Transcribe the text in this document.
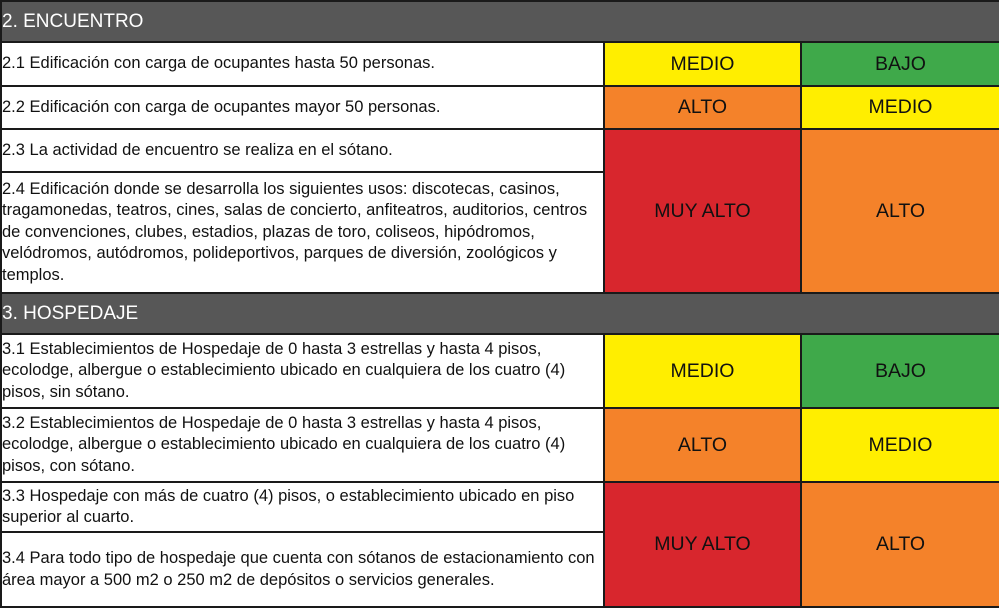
2. ENCUENTRO		
2.1 Edificación con carga de ocupantes hasta 50 personas.	MEDIO	BAJO
2.2 Edificación con carga de ocupantes mayor 50 personas.	ALTO	MEDIO
2.3 La actividad de encuentro se realiza en el sótano.	MUY ALTO	ALTO
2.4 Edificación donde se desarrolla los siguientes usos: discotecas, casinos, tragamonedas, teatros, cines, salas de concierto, anfiteatros, auditorios, centros de convenciones, clubes, estadios, plazas de toro, coliseos, hipódromos, velódromos, autódromos, polideportivos, parques de diversión, zoológicos y templos.		
3. HOSPEDAJE		
3.1 Establecimientos de Hospedaje de 0 hasta 3 estrellas y hasta 4 pisos, ecolodge, albergue o establecimiento ubicado en cualquiera de los cuatro (4) pisos, sin sótano.	MEDIO	BAJO
3.2 Establecimientos de Hospedaje de 0 hasta 3 estrellas y hasta 4 pisos, ecolodge, albergue o establecimiento ubicado en cualquiera de los cuatro (4) pisos, con sótano.	ALTO	MEDIO
3.3 Hospedaje con más de cuatro (4) pisos, o establecimiento ubicado en piso superior al cuarto.	MUY ALTO	ALTO
3.4 Para todo tipo de hospedaje que cuenta con sótanos de estacionamiento con área mayor a 500 m2 o 250 m2 de depósitos o servicios generales.		
